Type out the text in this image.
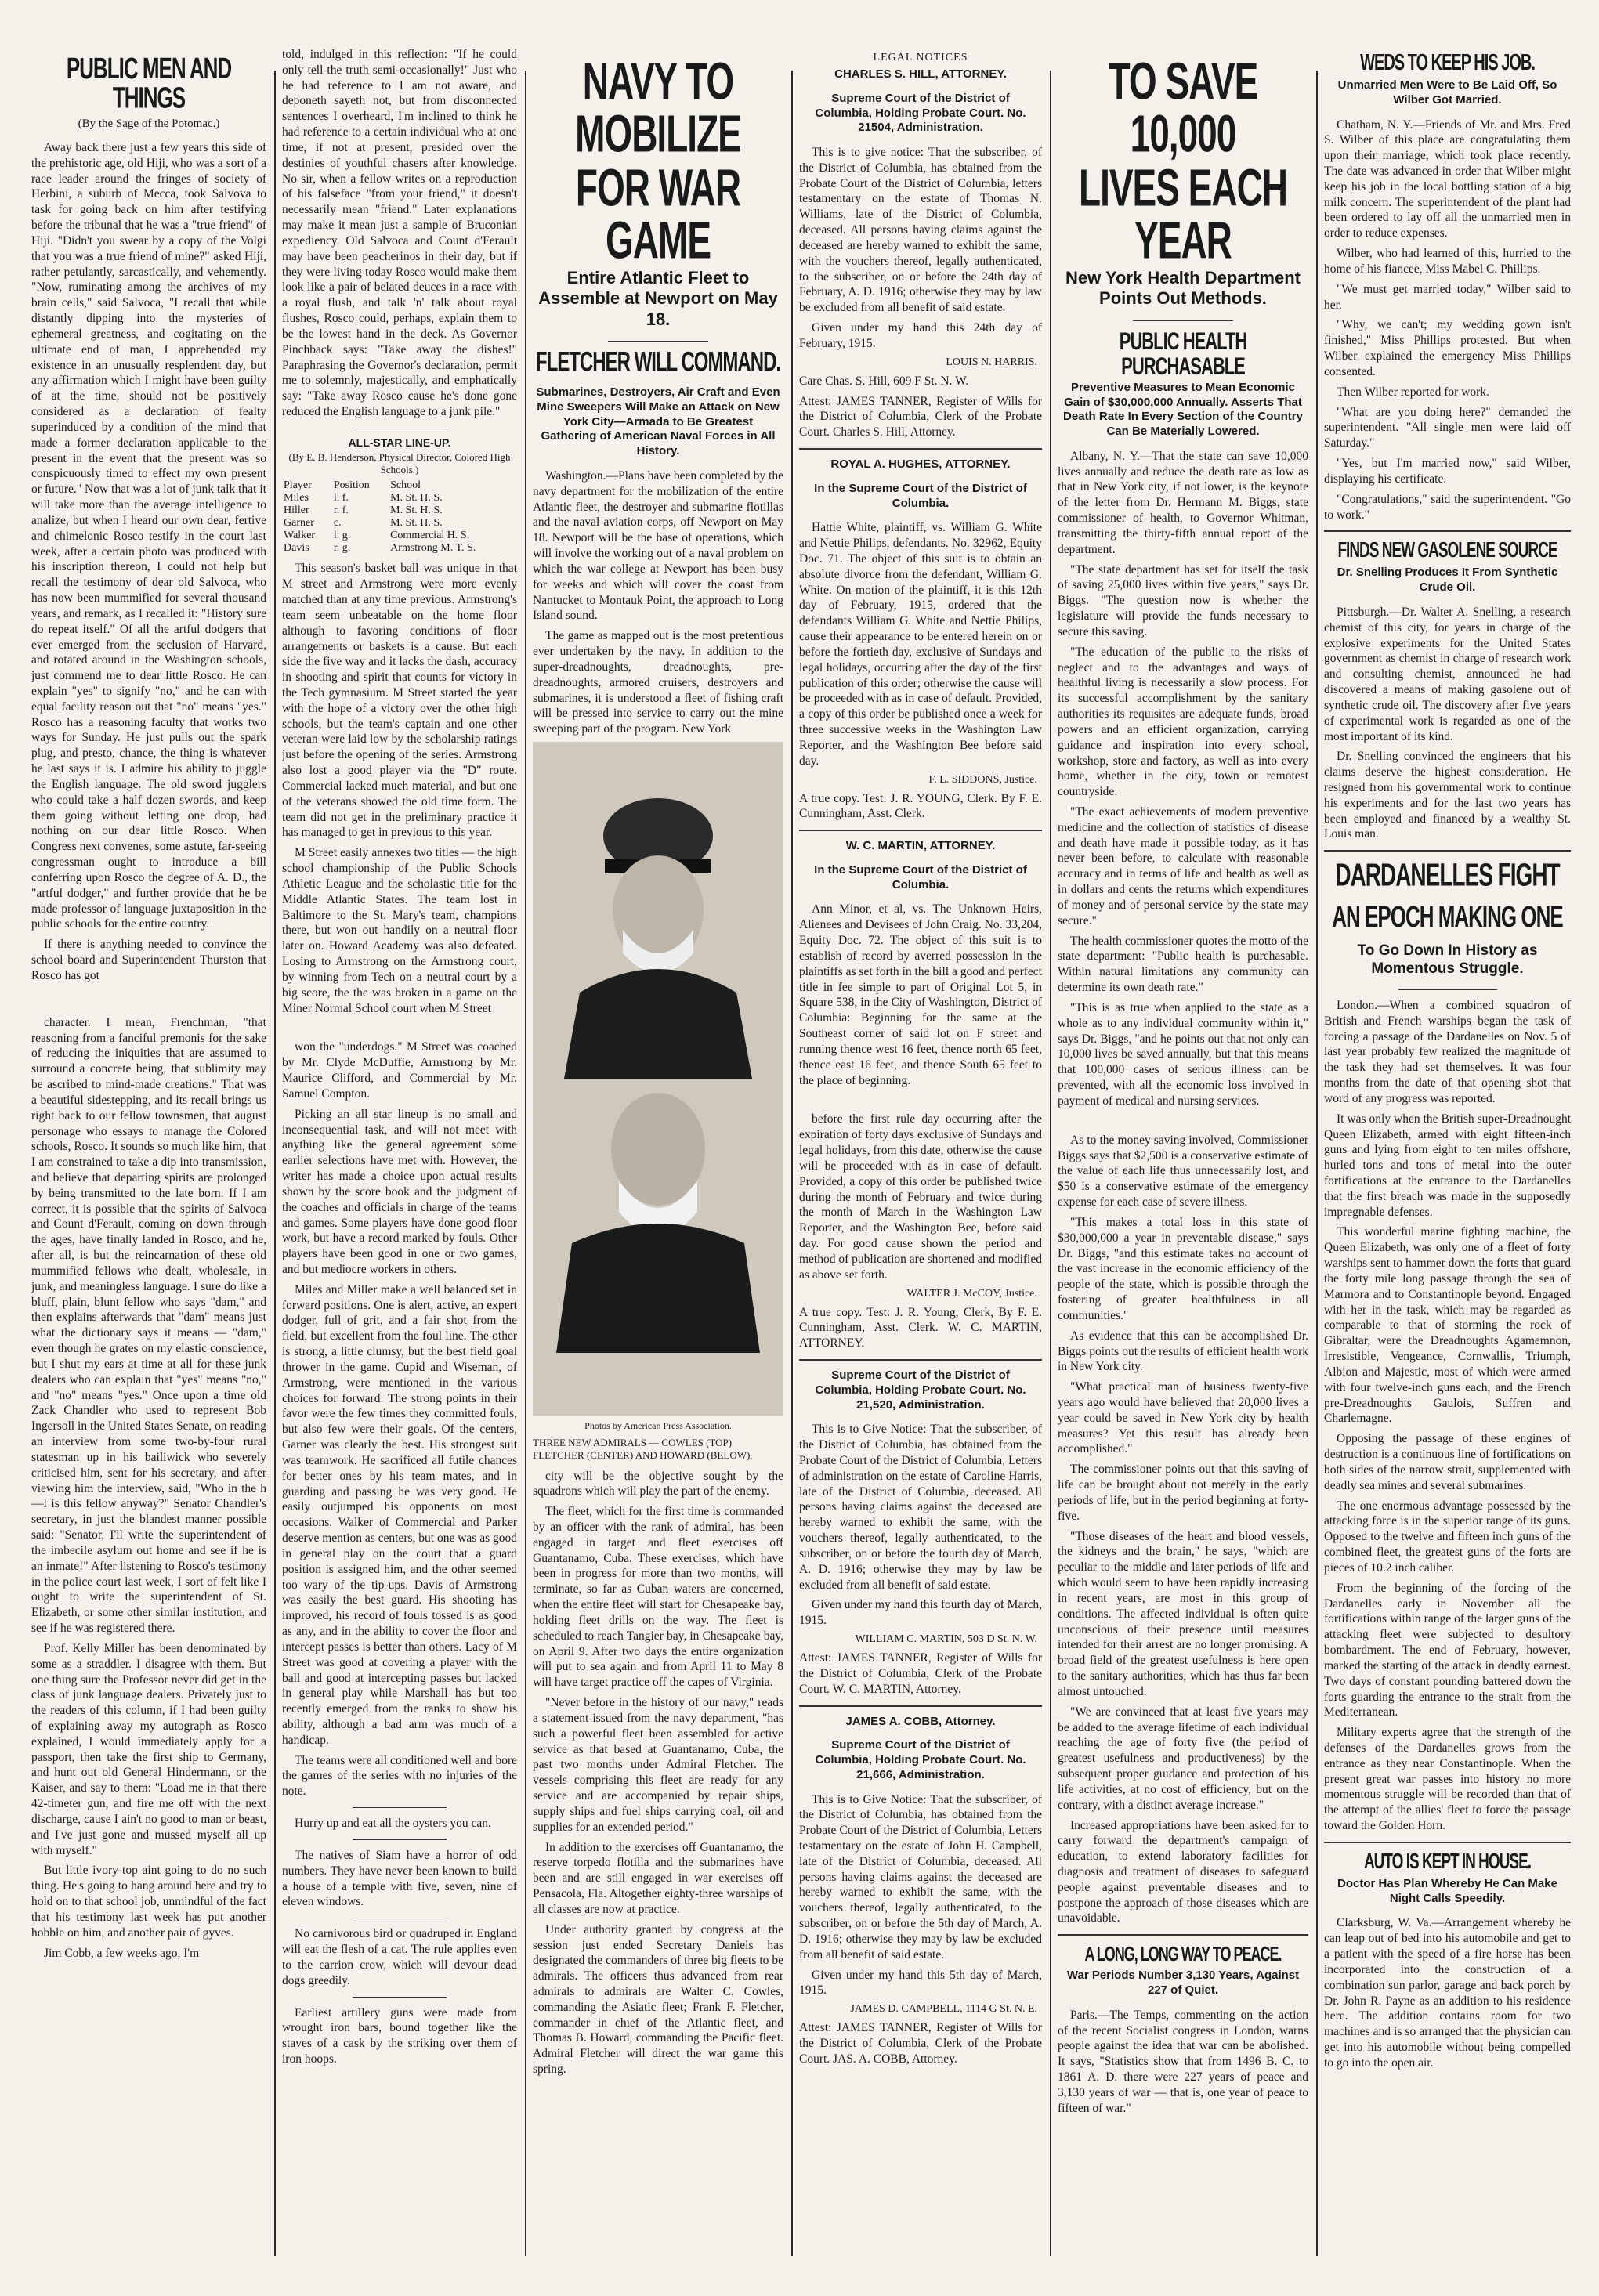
PUBLIC MEN AND THINGS
(By the Sage of the Potomac.)

Away back there just a few years this side of the prehistoric age, old Hiji, who was a sort of a race leader around the fringes of society of Herbini, a suburb of Mecca, took Salvova to task for going back on him after testifying before the tribunal that he was a "true friend" of Hiji. "Didn't you swear by a copy of the Volgi that you was a true friend of mine?" asked Hiji, rather petulantly, sarcastically, and vehemently. "Now, ruminating among the archives of my brain cells," said Salvoca, "I recall that while distantly dipping into the mysteries of ephemeral greatness, and cogitating on the ultimate end of man, I apprehended my existence in an unusually resplendent day, but any affirmation which I might have been guilty of at the time, should not be positively considered as a declaration of fealty superinduced by a condition of the mind that made a former declaration applicable to the present in the event that the present was so conspicuously timed to effect my own present or future." Now that was a lot of junk talk that it will take more than the average intelligence to analize, but when I heard our own dear, fertive and chimelonic Rosco testify in the court last week, after a certain photo was produced with his inscription thereon, I could not help but recall the testimony of dear old Salvoca, who has now been mummified for several thousand years, and remark, as I recalled it: "History sure do repeat itself." Of all the artful dodgers that ever emerged from the seclusion of Harvard, and rotated around in the Washington schools, just commend me to dear little Rosco. He can explain "yes" to signify "no," and he can with equal facility reason out that "no" means "yes." Rosco has a reasoning faculty that works two ways for Sunday. He just pulls out the spark plug, and presto, chance, the thing is whatever he last says it is. I admire his ability to juggle the English language. The old sword jugglers who could take a half dozen swords, and keep them going without letting one drop, had nothing on our dear little Rosco. When Congress next convenes, some astute, far-seeing congressman ought to introduce a bill conferring upon Rosco the degree of A. D., the "artful dodger," and further provide that he be made professor of language juxtaposition in the public schools for the entire country.

If there is anything needed to convince the school board and Superintendent Thurston that Rosco has got

character. I mean, Frenchman, "that reasoning from a fanciful premonis for the sake of reducing the iniquities that are assumed to surround a concrete being, that sublimity may be ascribed to mind-made creations." That was a beautiful sidestepping, and its recall brings us right back to our fellow townsmen, that august personage who essays to manage the Colored schools, Rosco. It sounds so much like him, that I am constrained to take a dip into transmission, and believe that departing spirits are prolonged by being transmitted to the late born. If I am correct, it is possible that the spirits of Salvoca and Count d'Ferault, coming on down through the ages, have finally landed in Rosco, and he, after all, is but the reincarnation of these old mummified fellows who dealt, wholesale, in junk, and meaningless language. I sure do like a bluff, plain, blunt fellow who says "dam," and then explains afterwards that "dam" means just what the dictionary says it means — "dam," even though he grates on my elastic conscience, but I shut my ears at time at all for these junk dealers who can explain that "yes" means "no," and "no" means "yes." Once upon a time old Zack Chandler who used to represent Bob Ingersoll in the United States Senate, on reading an interview from some two-by-four rural statesman up in his bailiwick who severely criticised him, sent for his secretary, and after viewing him the interview, said, "Who in the h—l is this fellow anyway?" Senator Chandler's secretary, in just the blandest manner possible said: "Senator, I'll write the superintendent of the imbecile asylum out home and see if he is an inmate!" After listening to Rosco's testimony in the police court last week, I sort of felt like I ought to write the superintendent of St. Elizabeth, or some other similar institution, and see if he was registered there.

Prof. Kelly Miller has been denominated by some as a straddler. I disagree with them. But one thing sure the Professor never did get in the class of junk language dealers. Privately just to the readers of this column, if I had been guilty of explaining away my autograph as Rosco explained, I would immediately apply for a passport, then take the first ship to Germany, and hunt out old General Hindermann, or the Kaiser, and say to them: "Load me in that there 42-timeter gun, and fire me off with the next discharge, cause I ain't no good to man or beast, and I've just gone and mussed myself all up with myself."

But little ivory-top aint going to do no such thing. He's going to hang around here and try to hold on to that school job, unmindful of the fact that his testimony last week has put another hobble on him, and another pair of gyves.

Jim Cobb, a few weeks ago, I'm

told, indulged in this reflection: "If he could only tell the truth semi-occasionally!" Just who he had reference to I am not aware, and deponeth sayeth not, but from disconnected sentences I overheard, I'm inclined to think he had reference to a certain individual who at one time, if not at present, presided over the destinies of youthful chasers after knowledge. No sir, when a fellow writes on a reproduction of his falseface "from your friend," it doesn't necessarily mean "friend." Later explanations may make it mean just a sample of Bruconian expediency. Old Salvoca and Count d'Ferault may have been peacherinos in their day, but if they were living today Rosco would make them look like a pair of belated deuces in a race with a royal flush, and talk 'n' talk about royal flushes, Rosco could, perhaps, explain them to be the lowest hand in the deck. As Governor Pinchback says: "Take away the dishes!" Paraphrasing the Governor's declaration, permit me to solemnly, majestically, and emphatically say: "Take away Rosco cause he's done gone reduced the English language to a junk pile."

ALL-STAR LINE-UP.
(By E. B. Henderson, Physical Director, Colored High Schools.)
Player	Position	School
Miles	l. f.	M. St. H. S.
Hiller	r. f.	M. St. H. S.
Garner	c.	M. St. H. S.
Walker	l. g.	Commercial H. S.
Davis	r. g.	Armstrong M. T. S.

This season's basket ball was unique in that M street and Armstrong were more evenly matched than at any time previous. Armstrong's team seem unbeatable on the home floor although to favoring conditions of floor arrangements or baskets is a cause. But each side the five way and it lacks the dash, accuracy in shooting and spirit that counts for victory in the Tech gymnasium. M Street started the year with the hope of a victory over the other high schools, but the team's captain and one other veteran were laid low by the scholarship ratings just before the opening of the series. Armstrong also lost a good player via the "D" route. Commercial lacked much material, and but one of the veterans showed the old time form. The team did not get in the preliminary practice it has managed to get in previous to this year.

M Street easily annexes two titles — the high school championship of the Public Schools Athletic League and the scholastic title for the Middle Atlantic States. The team lost in Baltimore to the St. Mary's team, champions there, but won out handily on a neutral floor later on. Howard Academy was also defeated. Losing to Armstrong on the Armstrong court, by winning from Tech on a neutral court by a big score, the the was broken in a game on the Miner Normal School court when M Street

won the "underdogs." M Street was coached by Mr. Clyde McDuffie, Armstrong by Mr. Maurice Clifford, and Commercial by Mr. Samuel Compton.

Picking an all star lineup is no small and inconsequential task, and will not meet with anything like the general agreement some earlier selections have met with. However, the writer has made a choice upon actual results shown by the score book and the judgment of the coaches and officials in charge of the teams and games. Some players have done good floor work, but have a record marked by fouls. Other players have been good in one or two games, and but mediocre workers in others.

Miles and Miller make a well balanced set in forward positions. One is alert, active, an expert dodger, full of grit, and a fair shot from the field, but excellent from the foul line. The other is strong, a little clumsy, but the best field goal thrower in the game. Cupid and Wiseman, of Armstrong, were mentioned in the various choices for forward. The strong points in their favor were the few times they committed fouls, but also few were their goals. Of the centers, Garner was clearly the best. His strongest suit was teamwork. He sacrificed all futile chances for better ones by his team mates, and in guarding and passing he was very good. He easily outjumped his opponents on most occasions. Walker of Commercial and Parker deserve mention as centers, but one was as good in general play on the court that a guard position is assigned him, and the other seemed too wary of the tip-ups. Davis of Armstrong was easily the best guard. His shooting has improved, his record of fouls tossed is as good as any, and in the ability to cover the floor and intercept passes is better than others. Lacy of M Street was good at covering a player with the ball and good at intercepting passes but lacked in general play while Marshall has but too recently emerged from the ranks to show his ability, although a bad arm was much of a handicap.

The teams were all conditioned well and bore the games of the series with no injuries of the note.

Hurry up and eat all the oysters you can.

The natives of Siam have a horror of odd numbers. They have never been known to build a house of a temple with five, seven, nine of eleven windows.

No carnivorous bird or quadruped in England will eat the flesh of a cat. The rule applies even to the carrion crow, which will devour dead dogs greedily.

Earliest artillery guns were made from wrought iron bars, bound together like the staves of a cask by the striking over them of iron hoops.

NAVY TO MOBILIZE
FOR WAR GAME
Entire Atlantic Fleet to Assemble at Newport on May 18.
FLETCHER WILL COMMAND.
Submarines, Destroyers, Air Craft and Even Mine Sweepers Will Make an Attack on New York City—Armada to Be Greatest Gathering of American Naval Forces in All History.

Washington.—Plans have been completed by the navy department for the mobilization of the entire Atlantic fleet, the destroyer and submarine flotillas and the naval aviation corps, off Newport on May 18. Newport will be the base of operations, which will involve the working out of a naval problem on which the war college at Newport has been busy for weeks and which will cover the coast from Nantucket to Montauk Point, the approach to Long Island sound.

The game as mapped out is the most pretentious ever undertaken by the navy. In addition to the super-dreadnoughts, dreadnoughts, pre-dreadnoughts, armored cruisers, destroyers and submarines, it is understood a fleet of fishing craft will be pressed into service to carry out the mine sweeping part of the program. New York

Photos by American Press Association.
THREE NEW ADMIRALS — COWLES (TOP) FLETCHER (CENTER) AND HOWARD (BELOW).

city will be the objective sought by the squadrons which will play the part of the enemy.

The fleet, which for the first time is commanded by an officer with the rank of admiral, has been engaged in target and fleet exercises off Guantanamo, Cuba. These exercises, which have been in progress for more than two months, will terminate, so far as Cuban waters are concerned, when the entire fleet will start for Chesapeake bay, holding fleet drills on the way. The fleet is scheduled to reach Tangier bay, in Chesapeake bay, on April 9. After two days the entire organization will put to sea again and from April 11 to May 8 will have target practice off the capes of Virginia.

"Never before in the history of our navy," reads a statement issued from the navy department, "has such a powerful fleet been assembled for active service as that based at Guantanamo, Cuba, the past two months under Admiral Fletcher. The vessels comprising this fleet are ready for any service and are accompanied by repair ships, supply ships and fuel ships carrying coal, oil and supplies for an extended period."

In addition to the exercises off Guantanamo, the reserve torpedo flotilla and the submarines have been and are still engaged in war exercises off Pensacola, Fla. Altogether eighty-three warships of all classes are now at practice.

Under authority granted by congress at the session just ended Secretary Daniels has designated the commanders of three big fleets to be admirals. The officers thus advanced from rear admirals to admirals are Walter C. Cowles, commanding the Asiatic fleet; Frank F. Fletcher, commander in chief of the Atlantic fleet, and Thomas B. Howard, commanding the Pacific fleet. Admiral Fletcher will direct the war game this spring.

LEGAL NOTICES
CHARLES S. HILL, ATTORNEY.
Supreme Court of the District of Columbia, Holding Probate Court. No. 21504, Administration.

This is to give notice: That the subscriber, of the District of Columbia, has obtained from the Probate Court of the District of Columbia, letters testamentary on the estate of Thomas N. Williams, late of the District of Columbia, deceased. All persons having claims against the deceased are hereby warned to exhibit the same, with the vouchers thereof, legally authenticated, to the subscriber, on or before the 24th day of February, A. D. 1916; otherwise they may by law be excluded from all benefit of said estate.

Given under my hand this 24th day of February, 1915.

LOUIS N. HARRIS.

Care Chas. S. Hill, 609 F St. N. W.

Attest: JAMES TANNER, Register of Wills for the District of Columbia, Clerk of the Probate Court. Charles S. Hill, Attorney.

ROYAL A. HUGHES, ATTORNEY.
In the Supreme Court of the District of Columbia.

Hattie White, plaintiff, vs. William G. White and Nettie Philips, defendants. No. 32962, Equity Doc. 71. The object of this suit is to obtain an absolute divorce from the defendant, William G. White. On motion of the plaintiff, it is this 12th day of February, 1915, ordered that the defendants William G. White and Nettie Philips, cause their appearance to be entered herein on or before the fortieth day, exclusive of Sundays and legal holidays, occurring after the day of the first publication of this order; otherwise the cause will be proceeded with as in case of default. Provided, a copy of this order be published once a week for three successive weeks in the Washington Law Reporter, and the Washington Bee before said day.

F. L. SIDDONS, Justice.

A true copy. Test: J. R. YOUNG, Clerk. By F. E. Cunningham, Asst. Clerk.

W. C. MARTIN, ATTORNEY.
In the Supreme Court of the District of Columbia.

Ann Minor, et al, vs. The Unknown Heirs, Alienees and Devisees of John Craig. No. 33,204, Equity Doc. 72. The object of this suit is to establish of record by averred possession in the plaintiffs as set forth in the bill a good and perfect title in fee simple to part of Original Lot 5, in Square 538, in the City of Washington, District of Columbia: Beginning for the same at the Southeast corner of said lot on F street and running thence west 16 feet, thence north 65 feet, thence east 16 feet, and thence South 65 feet to the place of beginning.

before the first rule day occurring after the expiration of forty days exclusive of Sundays and legal holidays, from this date, otherwise the cause will be proceeded with as in case of default. Provided, a copy of this order be published twice during the month of February and twice during the month of March in the Washington Law Reporter, and the Washington Bee, before said day. For good cause shown the period and method of publication are shortened and modified as above set forth.

WALTER J. McCOY, Justice.

A true copy. Test: J. R. Young, Clerk, By F. E. Cunningham, Asst. Clerk. W. C. MARTIN, ATTORNEY.

Supreme Court of the District of Columbia, Holding Probate Court. No. 21,520, Administration.

This is to Give Notice: That the subscriber, of the District of Columbia, has obtained from the Probate Court of the District of Columbia, Letters of administration on the estate of Caroline Harris, late of the District of Columbia, deceased. All persons having claims against the deceased are hereby warned to exhibit the same, with the vouchers thereof, legally authenticated, to the subscriber, on or before the fourth day of March, A. D. 1916; otherwise they may by law be excluded from all benefit of said estate.

Given under my hand this fourth day of March, 1915.

WILLIAM C. MARTIN, 503 D St. N. W.

Attest: JAMES TANNER, Register of Wills for the District of Columbia, Clerk of the Probate Court. W. C. MARTIN, Attorney.

JAMES A. COBB, Attorney.
Supreme Court of the District of Columbia, Holding Probate Court. No. 21,666, Administration.

This is to Give Notice: That the subscriber, of the District of Columbia, has obtained from the Probate Court of the District of Columbia, Letters testamentary on the estate of John H. Campbell, late of the District of Columbia, deceased. All persons having claims against the deceased are hereby warned to exhibit the same, with the vouchers thereof, legally authenticated, to the subscriber, on or before the 5th day of March, A. D. 1916; otherwise they may by law be excluded from all benefit of said estate.

Given under my hand this 5th day of March, 1915.

JAMES D. CAMPBELL, 1114 G St. N. E.

Attest: JAMES TANNER, Register of Wills for the District of Columbia, Clerk of the Probate Court. JAS. A. COBB, Attorney.

TO SAVE 10,000
LIVES EACH YEAR
New York Health Department Points Out Methods.
PUBLIC HEALTH PURCHASABLE
Preventive Measures to Mean Economic Gain of $30,000,000 Annually. Asserts That Death Rate In Every Section of the Country Can Be Materially Lowered.

Albany, N. Y.—That the state can save 10,000 lives annually and reduce the death rate as low as that in New York city, if not lower, is the keynote of the letter from Dr. Hermann M. Biggs, state commissioner of health, to Governor Whitman, transmitting the thirty-fifth annual report of the department.

"The state department has set for itself the task of saving 25,000 lives within five years," says Dr. Biggs. "The question now is whether the legislature will provide the funds necessary to secure this saving.

"The education of the public to the risks of neglect and to the advantages and ways of healthful living is necessarily a slow process. For its successful accomplishment by the sanitary authorities its requisites are adequate funds, broad powers and an efficient organization, carrying guidance and inspiration into every school, workshop, store and factory, as well as into every home, whether in the city, town or remotest countryside.

"The exact achievements of modern preventive medicine and the collection of statistics of disease and death have made it possible today, as it has never been before, to calculate with reasonable accuracy and in terms of life and health as well as in dollars and cents the returns which expenditures of money and of personal service by the state may secure."

The health commissioner quotes the motto of the state department: "Public health is purchasable. Within natural limitations any community can determine its own death rate."

"This is as true when applied to the state as a whole as to any individual community within it," says Dr. Biggs, "and he points out that not only can 10,000 lives be saved annually, but that this means that 100,000 cases of serious illness can be prevented, with all the economic loss involved in payment of medical and nursing services.

As to the money saving involved, Commissioner Biggs says that $2,500 is a conservative estimate of the value of each life thus unnecessarily lost, and $50 is a conservative estimate of the emergency expense for each case of severe illness.

"This makes a total loss in this state of $30,000,000 a year in preventable disease," says Dr. Biggs, "and this estimate takes no account of the vast increase in the economic efficiency of the people of the state, which is possible through the fostering of greater healthfulness in all communities."

As evidence that this can be accomplished Dr. Biggs points out the results of efficient health work in New York city.

"What practical man of business twenty-five years ago would have believed that 20,000 lives a year could be saved in New York city by health measures? Yet this result has already been accomplished."

The commissioner points out that this saving of life can be brought about not merely in the early periods of life, but in the period beginning at forty-five.

"Those diseases of the heart and blood vessels, the kidneys and the brain," he says, "which are peculiar to the middle and later periods of life and which would seem to have been rapidly increasing in recent years, are most in this group of conditions. The affected individual is often quite unconscious of their presence until measures intended for their arrest are no longer promising. A broad field of the greatest usefulness is here open to the sanitary authorities, which has thus far been almost untouched.

"We are convinced that at least five years may be added to the average lifetime of each individual reaching the age of forty five (the period of greatest usefulness and productiveness) by the subsequent proper guidance and protection of his life activities, at no cost of efficiency, but on the contrary, with a distinct average increase."

Increased appropriations have been asked for to carry forward the department's campaign of education, to extend laboratory facilities for diagnosis and treatment of diseases to safeguard people against preventable diseases and to postpone the approach of those diseases which are unavoidable.

A LONG, LONG WAY TO PEACE.
War Periods Number 3,130 Years, Against 227 of Quiet.

Paris.—The Temps, commenting on the action of the recent Socialist congress in London, warns people against the idea that war can be abolished. It says, "Statistics show that from 1496 B. C. to 1861 A. D. there were 227 years of peace and 3,130 years of war — that is, one year of peace to fifteen of war."

WEDS TO KEEP HIS JOB.
Unmarried Men Were to Be Laid Off, So Wilber Got Married.

Chatham, N. Y.—Friends of Mr. and Mrs. Fred S. Wilber of this place are congratulating them upon their marriage, which took place recently. The date was advanced in order that Wilber might keep his job in the local bottling station of a big milk concern. The superintendent of the plant had been ordered to lay off all the unmarried men in order to reduce expenses.

Wilber, who had learned of this, hurried to the home of his fiancee, Miss Mabel C. Phillips.

"We must get married today," Wilber said to her.

"Why, we can't; my wedding gown isn't finished," Miss Phillips protested. But when Wilber explained the emergency Miss Phillips consented.

Then Wilber reported for work.

"What are you doing here?" demanded the superintendent. "All single men were laid off Saturday."

"Yes, but I'm married now," said Wilber, displaying his certificate.

"Congratulations," said the superintendent. "Go to work."

FINDS NEW GASOLENE SOURCE
Dr. Snelling Produces It From Synthetic Crude Oil.

Pittsburgh.—Dr. Walter A. Snelling, a research chemist of this city, for years in charge of the explosive experiments for the United States government as chemist in charge of research work and consulting chemist, announced he had discovered a means of making gasolene out of synthetic crude oil. The discovery after five years of experimental work is regarded as one of the most important of its kind.

Dr. Snelling convinced the engineers that his claims deserve the highest consideration. He resigned from his governmental work to continue his experiments and for the last two years has been employed and financed by a wealthy St. Louis man.

DARDANELLES FIGHT
AN EPOCH MAKING ONE
To Go Down In History as Momentous Struggle.

London.—When a combined squadron of British and French warships began the task of forcing a passage of the Dardanelles on Nov. 5 of last year probably few realized the magnitude of the task they had set themselves. It was four months from the date of that opening shot that word of any progress was reported.

It was only when the British super-Dreadnought Queen Elizabeth, armed with eight fifteen-inch guns and lying from eight to ten miles offshore, hurled tons and tons of metal into the outer fortifications at the entrance to the Dardanelles that the first breach was made in the supposedly impregnable defenses.

This wonderful marine fighting machine, the Queen Elizabeth, was only one of a fleet of forty warships sent to hammer down the forts that guard the forty mile long passage through the sea of Marmora and to Constantinople beyond. Engaged with her in the task, which may be regarded as comparable to that of storming the rock of Gibraltar, were the Dreadnoughts Agamemnon, Irresistible, Vengeance, Cornwallis, Triumph, Albion and Majestic, most of which were armed with four twelve-inch guns each, and the French pre-Dreadnoughts Gaulois, Suffren and Charlemagne.

Opposing the passage of these engines of destruction is a continuous line of fortifications on both sides of the narrow strait, supplemented with deadly sea mines and several submarines.

The one enormous advantage possessed by the attacking force is in the superior range of its guns. Opposed to the twelve and fifteen inch guns of the combined fleet, the greatest guns of the forts are pieces of 10.2 inch caliber.

From the beginning of the forcing of the Dardanelles early in November all the fortifications within range of the larger guns of the attacking fleet were subjected to desultory bombardment. The end of February, however, marked the starting of the attack in deadly earnest. Two days of constant pounding battered down the forts guarding the entrance to the strait from the Mediterranean.

Military experts agree that the strength of the defenses of the Dardanelles grows from the entrance as they near Constantinople. When the present great war passes into history no more momentous struggle will be recorded than that of the attempt of the allies' fleet to force the passage toward the Golden Horn.

AUTO IS KEPT IN HOUSE.
Doctor Has Plan Whereby He Can Make Night Calls Speedily.

Clarksburg, W. Va.—Arrangement whereby he can leap out of bed into his automobile and get to a patient with the speed of a fire horse has been incorporated into the construction of a combination sun parlor, garage and back porch by Dr. John R. Payne as an addition to his residence here. The addition contains room for two machines and is so arranged that the physician can get into his automobile without being compelled to go into the open air.
